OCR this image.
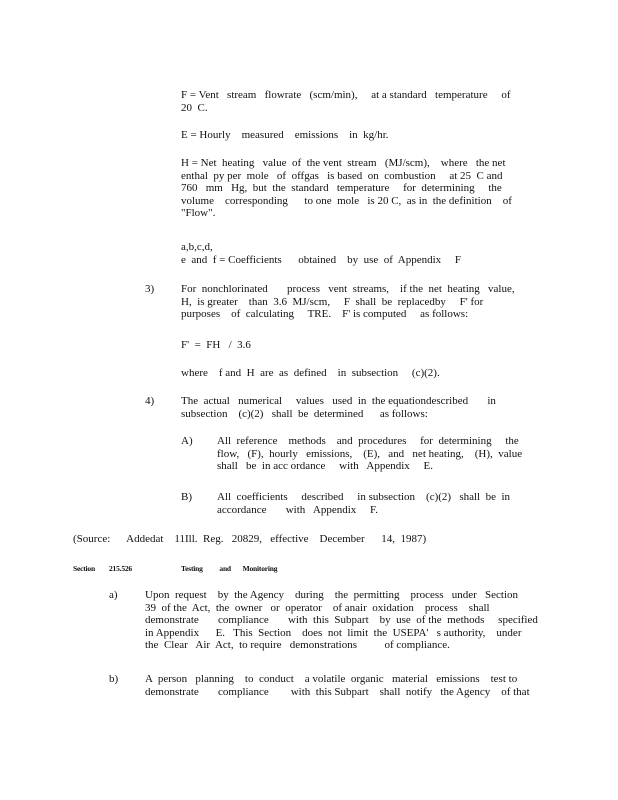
F = Vent   stream   flowrate   (scm/min),     at a standard   temperature     of
20  C.
E = Hourly    measured    emissions    in  kg/hr.
H = Net  heating   value  of  the vent  stream   (MJ/scm),    where   the net
enthal  py per  mole   of  offgas   is based  on  combustion     at 25  C and
760   mm   Hg,  but  the  standard   temperature     for  determining     the
volume    corresponding      to one  mole   is 20 C,  as in  the definition    of
"Flow".
a,b,c,d,
e  and  f = Coefficients      obtained    by  use  of  Appendix     F
3) For  nonchlorinated       process   vent  streams,    if the  net  heating   value,
H,  is greater    than  3.6  MJ/scm,     F  shall  be  replacedby     F' for
purposes    of  calculating     TRE.    F' is computed     as follows:
F'  =  FH   /  3.6
where    f and  H  are  as  defined    in  subsection     (c)(2).
4) The  actual   numerical     values   used  in  the equationdescribed       in
subsection    (c)(2)   shall  be  determined      as follows:
A) All  reference    methods    and  procedures     for  determining     the
flow,   (F),  hourly   emissions,    (E),   and   net heating,    (H),  value
shall   be  in acc ordance     with   Appendix     E.
B) All  coefficients     described     in subsection    (c)(2)   shall  be  in
accordance       with   Appendix     F.
(Source:      Addedat    11Ill.  Reg.   20829,   effective    December      14,  1987)
Section 215.526	Testing          and       Monitoring
a) Upon  request    by  the Agency    during    the  permitting    process   under   Section
39  of the  Act,  the  owner   or  operator    of anair  oxidation    process    shall
demonstrate       compliance       with  this  Subpart    by  use  of the  methods     specified
in Appendix      E.   This  Section    does  not  limit  the  USEPA'   s authority,    under
the  Clear   Air  Act,  to require   demonstrations          of compliance.
b) A  person   planning    to  conduct    a volatile  organic   material   emissions    test to
demonstrate       compliance        with  this Subpart    shall  notify   the Agency    of that
